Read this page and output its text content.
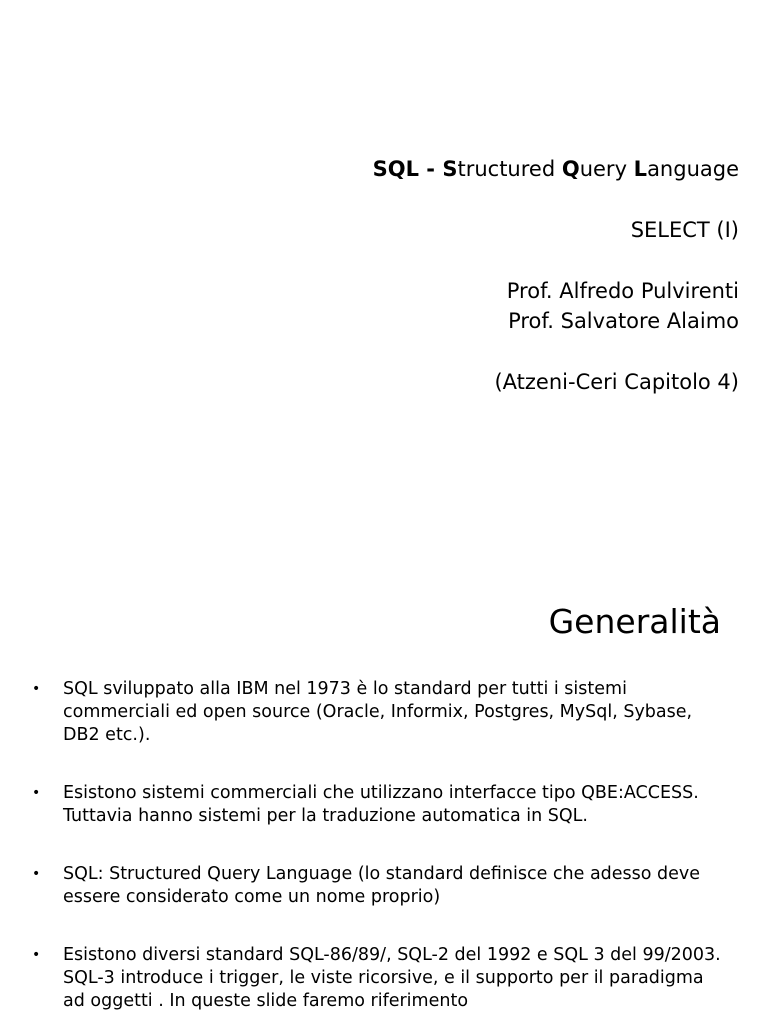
SQL - Structured Query Language

SELECT (I)

Prof. Alfredo Pulvirenti

Prof. Salvatore Alaimo

(Atzeni-Ceri Capitolo 4)

Generalità
• SQL sviluppato alla IBM nel 1973 è lo standard per tutti i sistemi commerciali ed open source (Oracle, Informix, Postgres, MySql, Sybase, DB2 etc.).
• Esistono sistemi commerciali che utilizzano interfacce tipo QBE:ACCESS. Tuttavia hanno sistemi per la traduzione automatica in SQL.
• SQL: Structured Query Language (lo standard definisce che adesso deve essere considerato come un nome proprio)
• Esistono diversi standard SQL-86/89/, SQL-2 del 1992 e SQL 3 del 99/2003. SQL-3 introduce i trigger, le viste ricorsive, e il supporto per il paradigma ad oggetti . In queste slide faremo riferimento
